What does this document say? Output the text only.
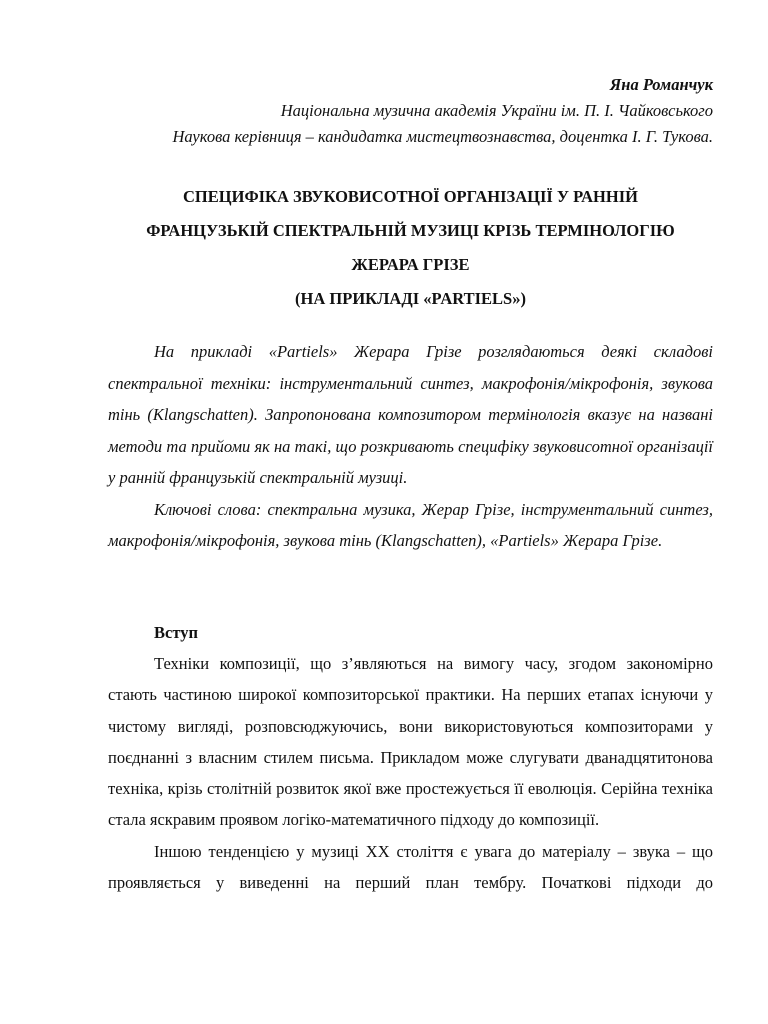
Яна Романчук
Національна музична академія України ім. П. І. Чайковського
Наукова керівниця – кандидатка мистецтвознавства, доцентка І. Г. Тукова.
СПЕЦИФІКА ЗВУКОВИСОТНОЇ ОРГАНІЗАЦІЇ У РАННІЙ
ФРАНЦУЗЬКІЙ СПЕКТРАЛЬНІЙ МУЗИЦІ КРІЗЬ ТЕРМІНОЛОГІЮ
ЖЕРАРА ГРІЗЕ
(НА ПРИКЛАДІ «PARTIELS»)

На прикладі «Partiels» Жерара Грізе розглядаються деякі складові спектральної техніки: інструментальний синтез, макрофонія/мікрофонія, звукова тінь (Klangschatten). Запропонована композитором термінологія вказує на названі методи та прийоми як на такі, що розкривають специфіку звуковисотної організації у ранній французькій спектральній музиці.

Ключові слова: спектральна музика, Жерар Грізе, інструментальний синтез, макрофонія/мікрофонія, звукова тінь (Klangschatten), «Partiels» Жерара Грізе.

Вступ

Техніки композиції, що з’являються на вимогу часу, згодом закономірно стають частиною широкої композиторської практики. На перших етапах існуючи у чистому вигляді, розповсюджуючись, вони використовуються композиторами у поєднанні з власним стилем письма. Прикладом може слугувати дванадцятитонова техніка, крізь столітній розвиток якої вже простежується її еволюція. Серійна техніка стала яскравим проявом логіко-математичного підходу до композиції.

Іншою тенденцією у музиці ХХ століття є увага до матеріалу – звука – що проявляється у виведенні на перший план тембру. Початкові підходи до
